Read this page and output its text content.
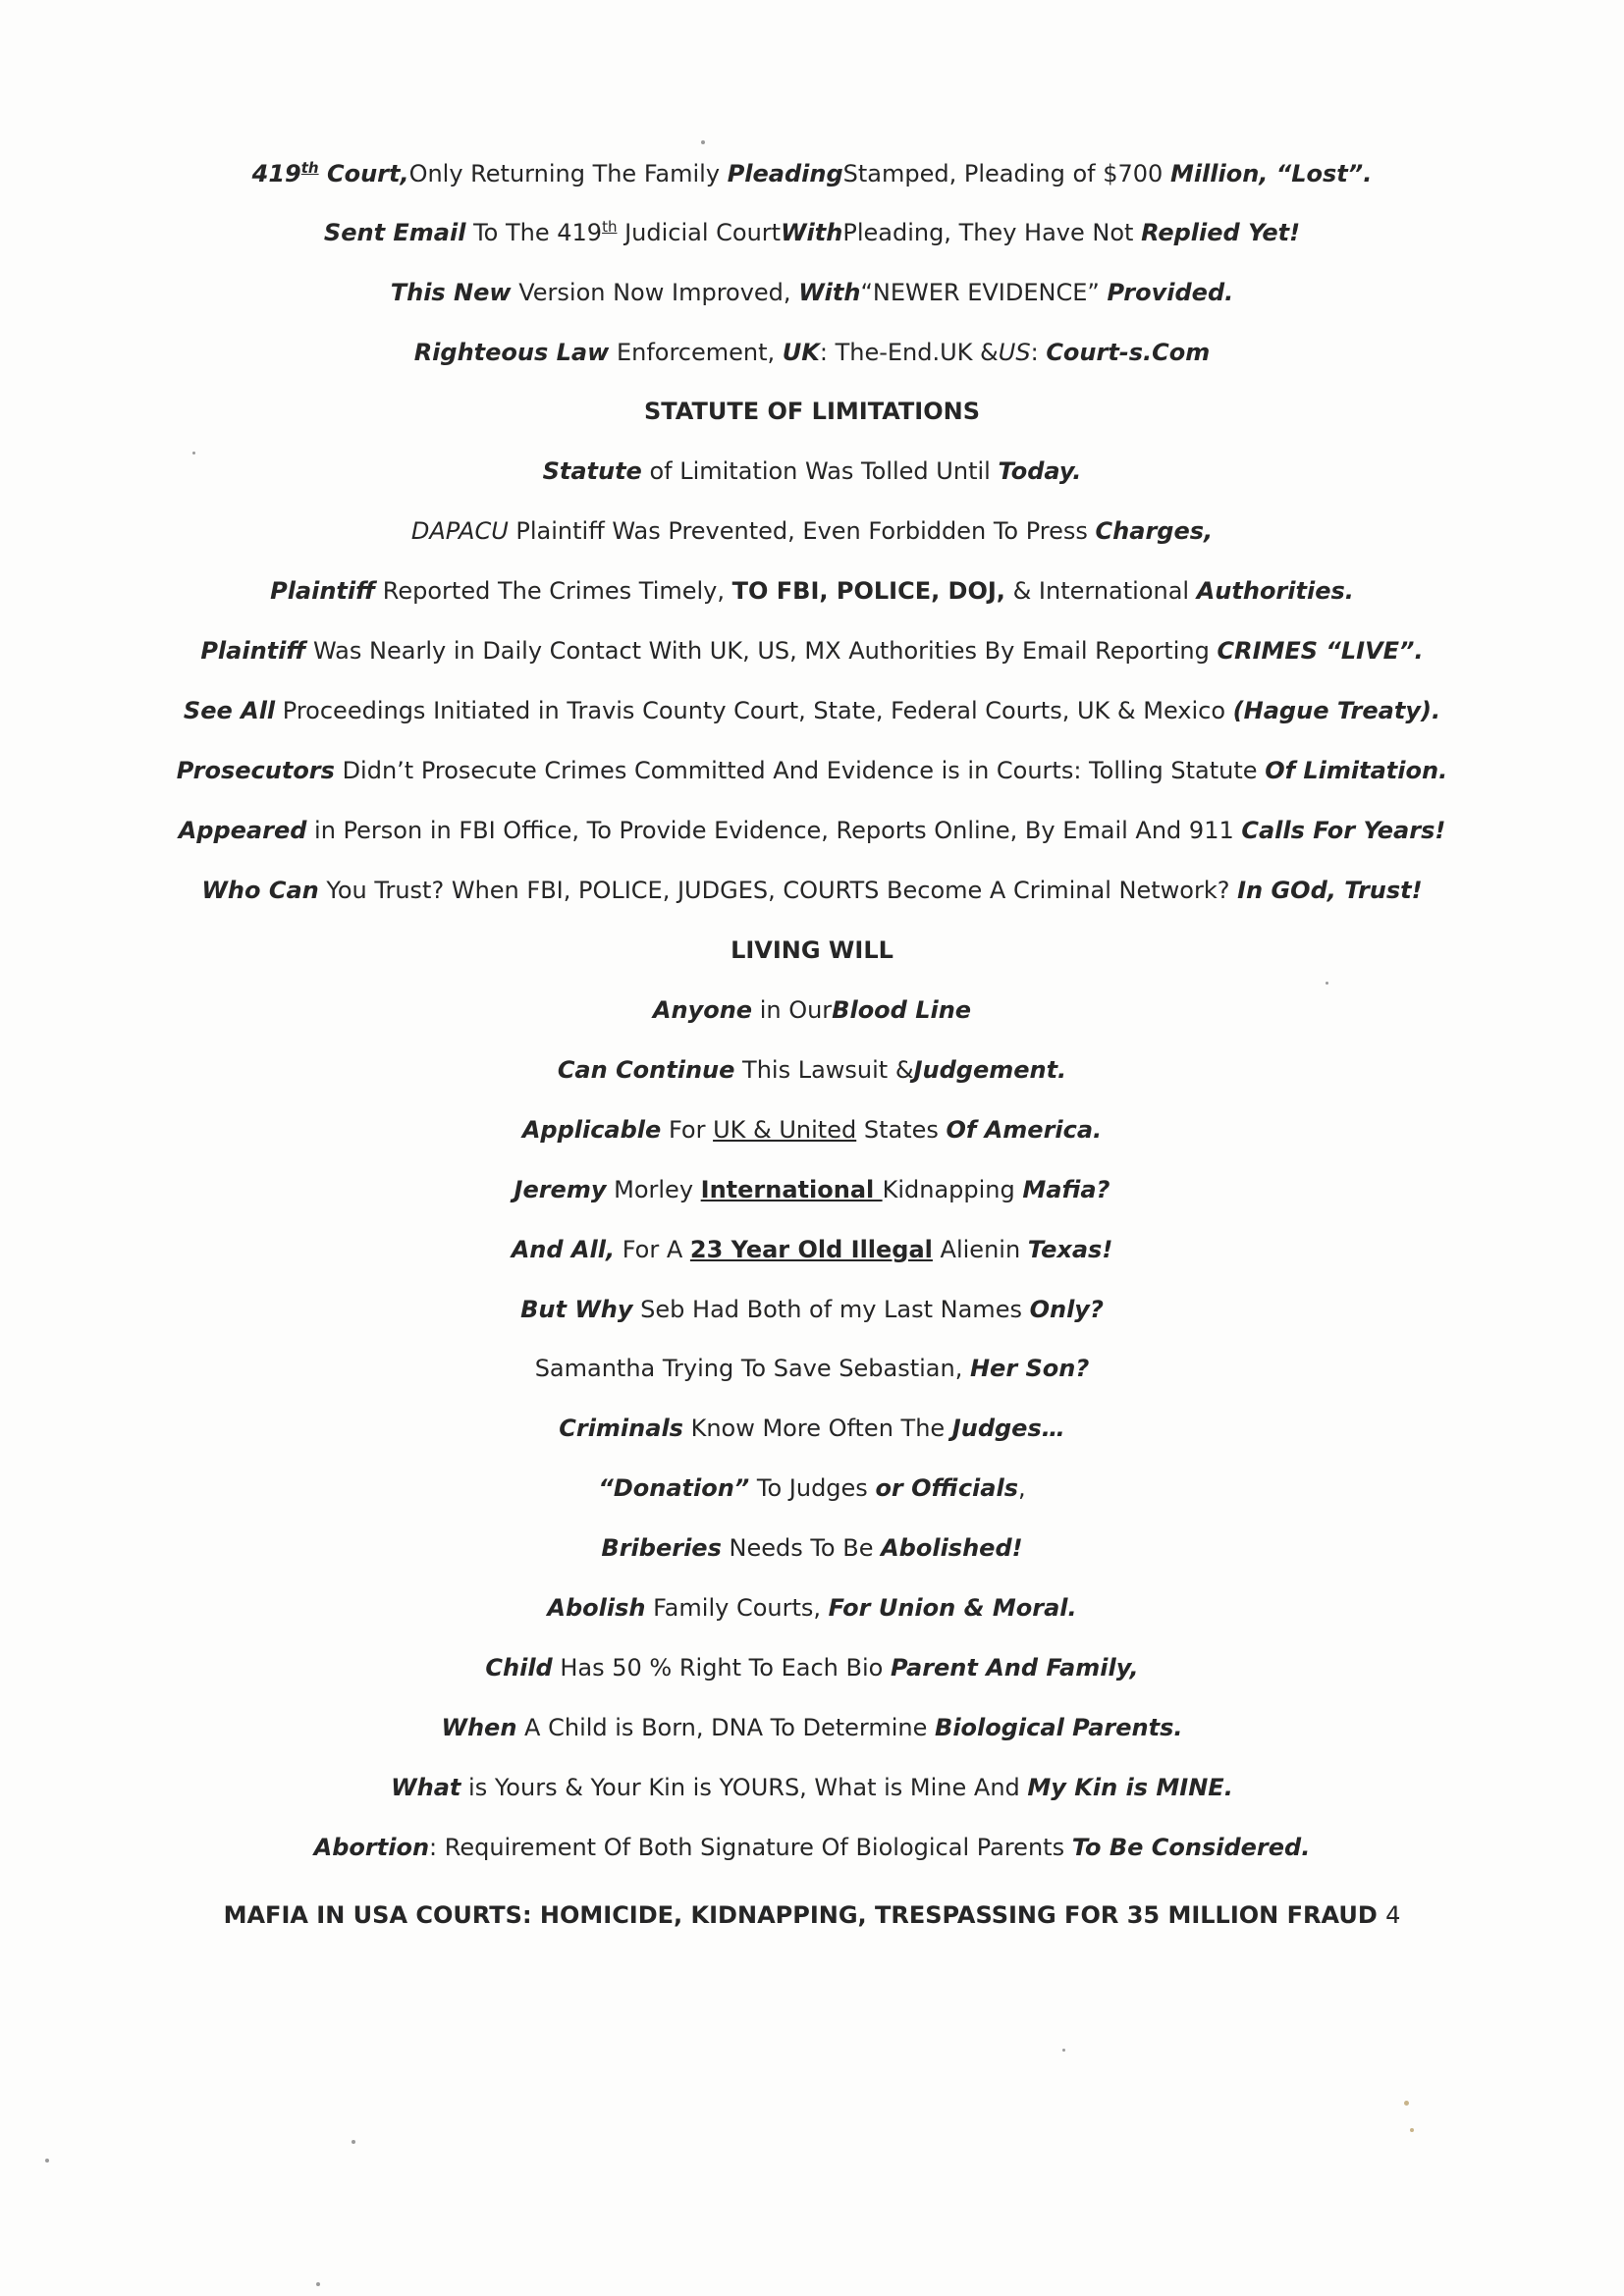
419th Court,Only Returning The Family PleadingStamped, Pleading of $700 Million, “Lost”.
Sent Email To The 419th Judicial CourtWithPleading, They Have Not Replied Yet!
This New Version Now Improved, With“NEWER EVIDENCE” Provided.
Righteous Law Enforcement, UK: The-End.UK &US: Court-s.Com
STATUTE OF LIMITATIONS
Statute of Limitation Was Tolled Until Today.
DAPACU Plaintiff Was Prevented, Even Forbidden To Press Charges,
Plaintiff Reported The Crimes Timely, TO FBI, POLICE, DOJ, & International Authorities.
Plaintiff Was Nearly in Daily Contact With UK, US, MX Authorities By Email Reporting CRIMES “LIVE”.
See All Proceedings Initiated in Travis County Court, State, Federal Courts, UK & Mexico (Hague Treaty).
Prosecutors Didn’t Prosecute Crimes Committed And Evidence is in Courts: Tolling Statute Of Limitation.
Appeared in Person in FBI Office, To Provide Evidence, Reports Online, By Email And 911 Calls For Years!
Who Can You Trust? When FBI, POLICE, JUDGES, COURTS Become A Criminal Network? In GOd, Trust!
LIVING WILL
Anyone in OurBlood Line
Can Continue This Lawsuit &Judgement.
Applicable For UK & United States Of America.
Jeremy Morley International Kidnapping Mafia?
And All, For A 23 Year Old Illegal Alienin Texas!
But Why Seb Had Both of my Last Names Only?
Samantha Trying To Save Sebastian, Her Son?
Criminals Know More Often The Judges…
“Donation” To Judges or Officials,
Briberies Needs To Be Abolished!
Abolish Family Courts, For Union & Moral.
Child Has 50 % Right To Each Bio Parent And Family,
When A Child is Born, DNA To Determine Biological Parents.
What is Yours & Your Kin is YOURS, What is Mine And My Kin is MINE.
Abortion: Requirement Of Both Signature Of Biological Parents To Be Considered.
MAFIA IN USA COURTS: HOMICIDE, KIDNAPPING, TRESPASSING FOR 35 MILLION FRAUD 4
